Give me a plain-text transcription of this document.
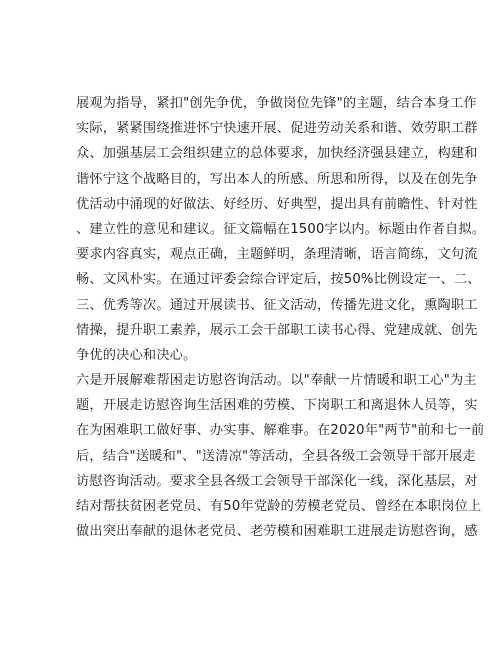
展观为指导，紧扣"创先争优，争做岗位先锋"的主题，结合本身工作
实际，紧紧围绕推进怀宁快速开展、促进劳动关系和谐、效劳职工群
众、加强基层工会组织建立的总体要求，加快经济强县建立，构建和
谐怀宁这个战略目的，写出本人的所感、所思和所得，以及在创先争
优活动中涌现的好做法、好经历、好典型，提出具有前瞻性、针对性
、建立性的意见和建议。征文篇幅在1500字以内。标题由作者自拟。
要求内容真实，观点正确，主题鲜明，条理清晰，语言简练，文句流
畅、文风朴实。在通过评委会综合评定后，按50%比例设定一、二、
三、优秀等次。通过开展读书、征文活动，传播先进文化，熏陶职工
情操，提升职工素养，展示工会干部职工读书心得、党建成就、创先
争优的决心和决心。
六是开展解难帮困走访慰咨询活动。以"奉献一片情暖和职工心"为主
题，开展走访慰咨询生活困难的劳模、下岗职工和离退休人员等，实
在为困难职工做好事、办实事、解难事。在2020年"两节"前和七一前
后，结合"送暖和"、"送清凉"等活动，全县各级工会领导干部开展走
访慰咨询活动。要求全县各级工会领导干部深化一线，深化基层，对
结对帮扶贫困老党员、有50年党龄的劳模老党员、曾经在本职岗位上
做出突出奉献的退休老党员、老劳模和困难职工进展走访慰咨询，感
